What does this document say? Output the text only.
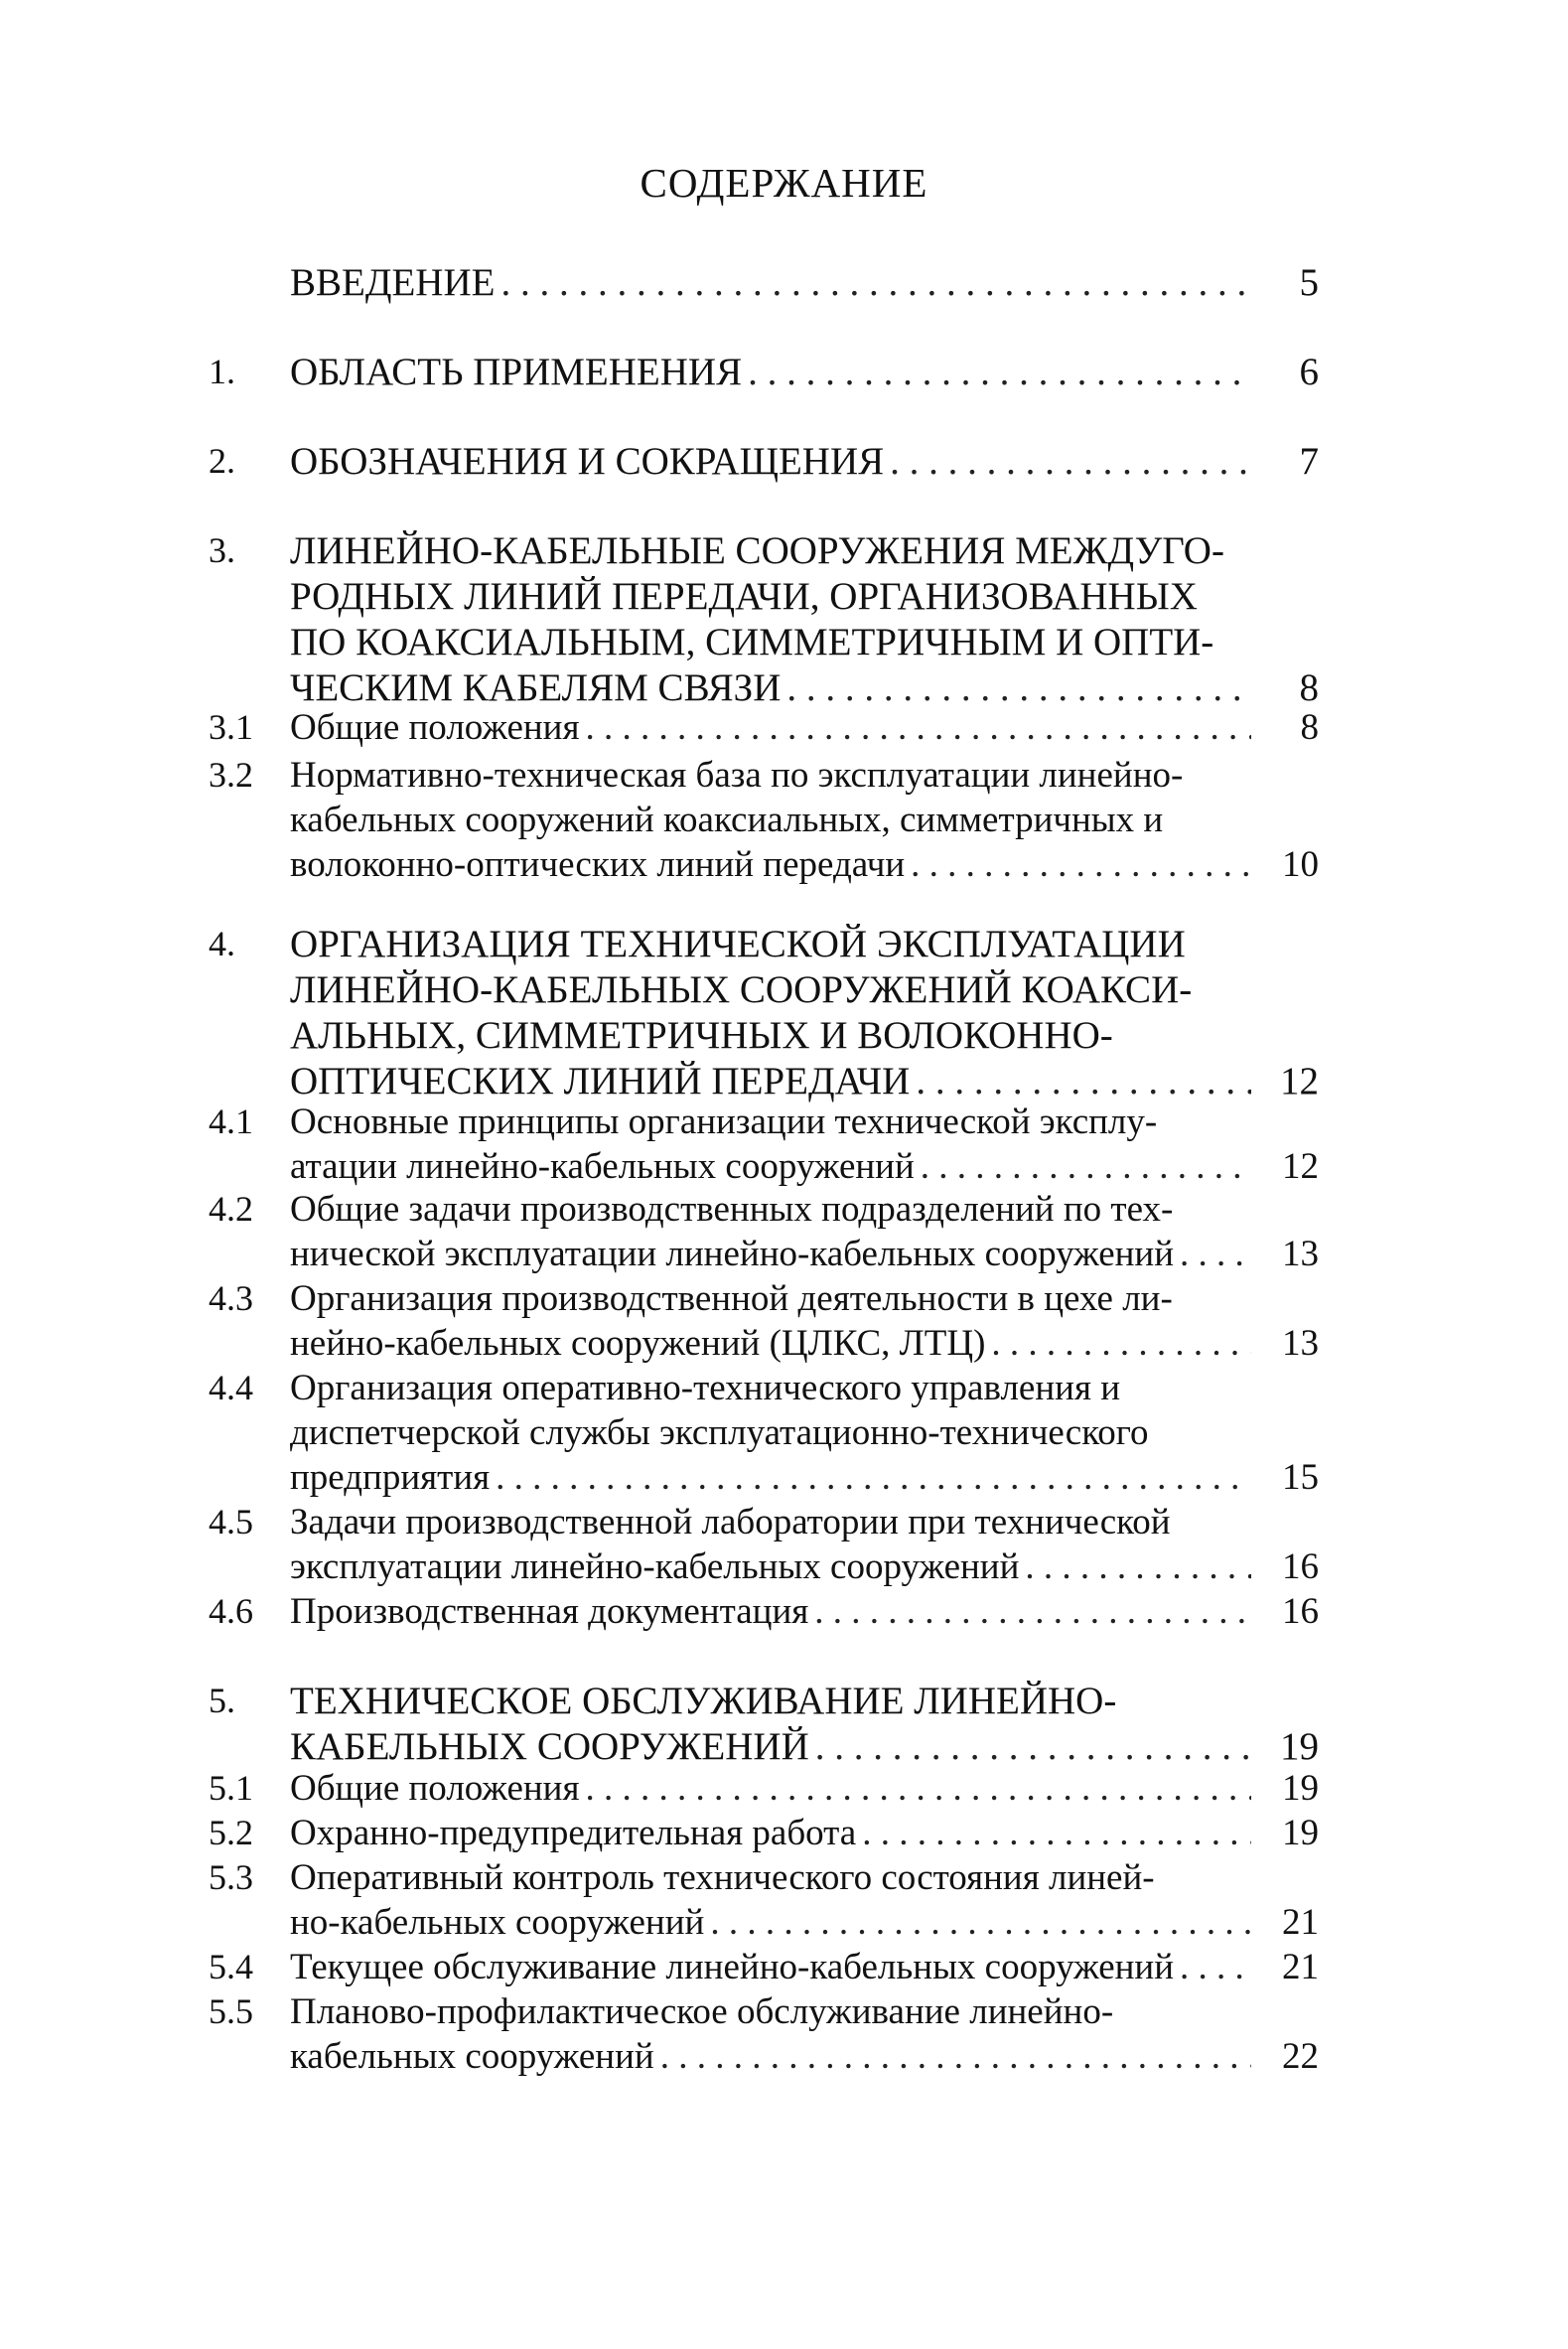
СОДЕРЖАНИЕ
ВВЕДЕНИЕ . . .	5
1. ОБЛАСТЬ ПРИМЕНЕНИЯ . . .	6
2. ОБОЗНАЧЕНИЯ И СОКРАЩЕНИЯ . . .	7
3. ЛИНЕЙНО-КАБЕЛЬНЫЕ СООРУЖЕНИЯ МЕЖДУГО-
РОДНЫХ ЛИНИЙ ПЕРЕДАЧИ, ОРГАНИЗОВАННЫХ
ПО КОАКСИАЛЬНЫМ, СИММЕТРИЧНЫМ И ОПТИ-
ЧЕСКИМ КАБЕЛЯМ СВЯЗИ . . .	8
3.1 Общие положения . . .	8
3.2 Нормативно-техническая база по эксплуатации линейно-
кабельных сооружений коаксиальных, симметричных и
волоконно-оптических линий передачи . . .	10
4. ОРГАНИЗАЦИЯ ТЕХНИЧЕСКОЙ ЭКСПЛУАТАЦИИ
ЛИНЕЙНО-КАБЕЛЬНЫХ СООРУЖЕНИЙ КОАКСИ-
АЛЬНЫХ, СИММЕТРИЧНЫХ И ВОЛОКОННО-
ОПТИЧЕСКИХ ЛИНИЙ ПЕРЕДАЧИ . . .	12
4.1 Основные принципы организации технической эксплу-
атации линейно-кабельных сооружений . . .	12
4.2 Общие задачи производственных подразделений по тех-
нической эксплуатации линейно-кабельных сооружений . . .	13
4.3 Организация производственной деятельности в цехе ли-
нейно-кабельных сооружений (ЦЛКС, ЛТЦ) . . .	13
4.4 Организация оперативно-технического управления и
диспетчерской службы эксплуатационно-технического
предприятия . . .	15
4.5 Задачи производственной лаборатории при технической
эксплуатации линейно-кабельных сооружений . . .	16
4.6 Производственная документация . . .	16
5. ТЕХНИЧЕСКОЕ ОБСЛУЖИВАНИЕ ЛИНЕЙНО-
КАБЕЛЬНЫХ СООРУЖЕНИЙ . . .	19
5.1 Общие положения . . .	19
5.2 Охранно-предупредительная работа . . .	19
5.3 Оперативный контроль технического состояния линей-
но-кабельных сооружений . . .	21
5.4 Текущее обслуживание линейно-кабельных сооружений . . .	21
5.5 Планово-профилактическое обслуживание линейно-
кабельных сооружений . . .	22
